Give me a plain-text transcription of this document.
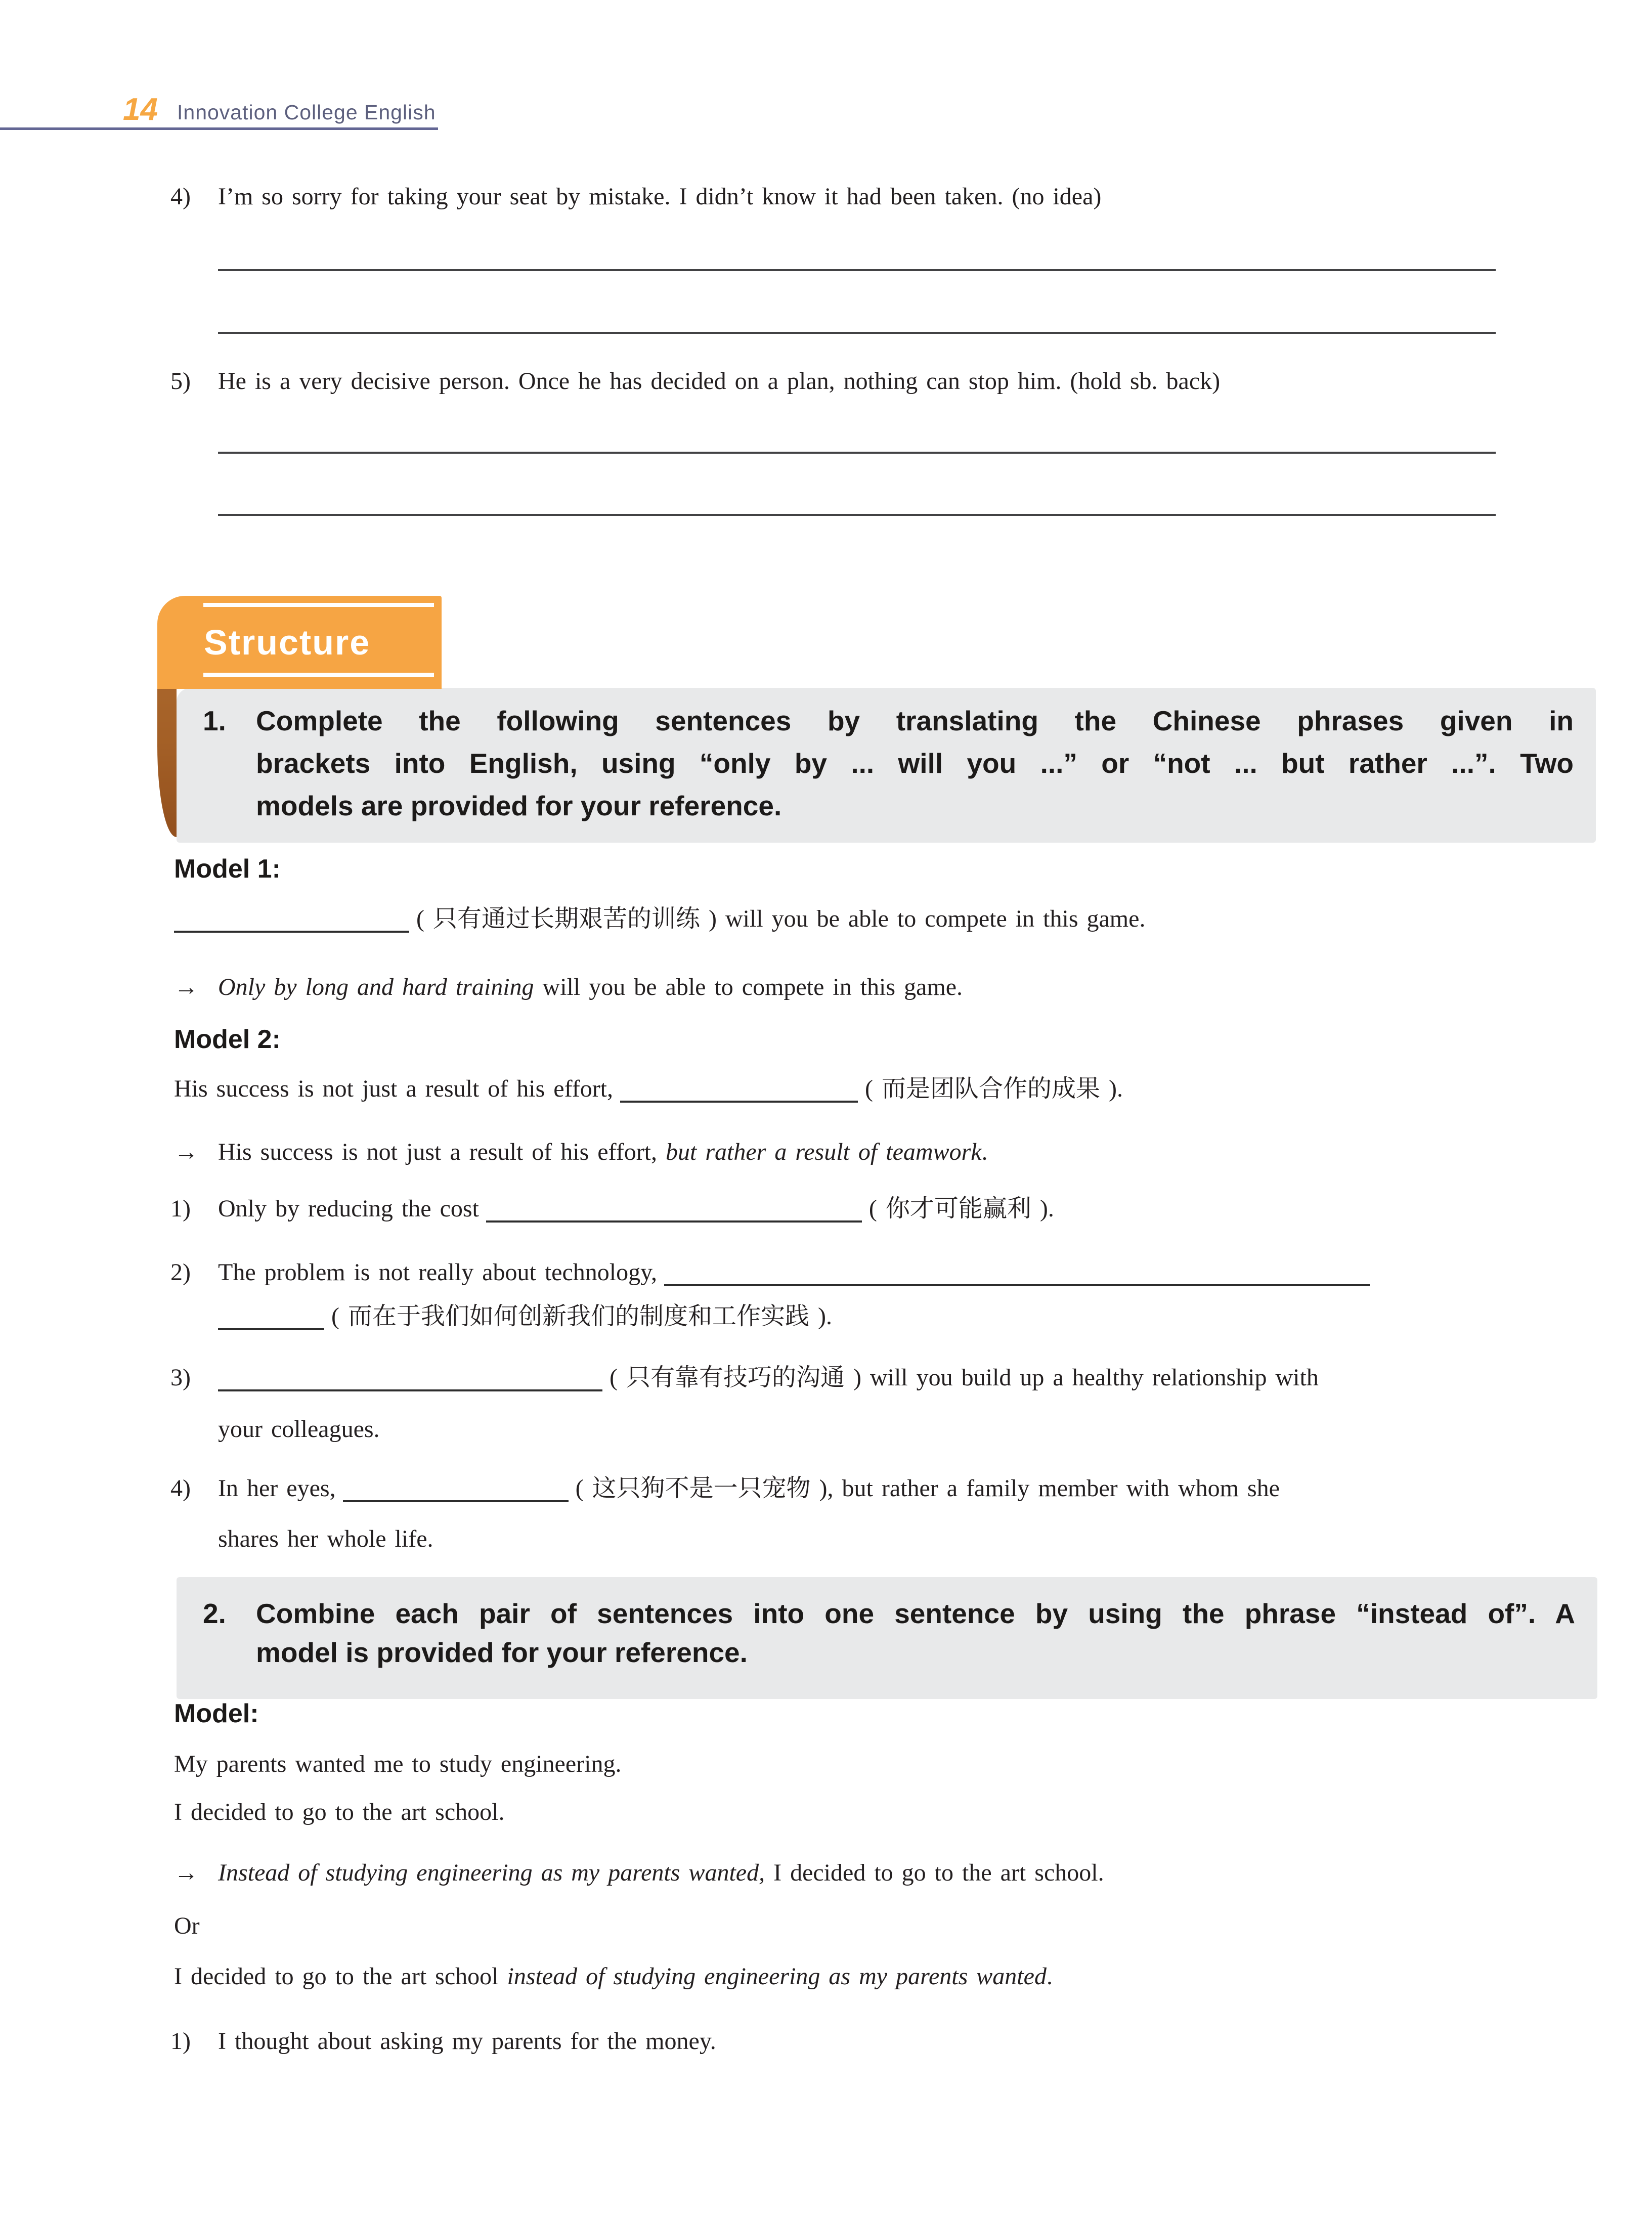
14 Innovation College English
4) I’m so sorry for taking your seat by mistake. I didn’t know it had been taken. (no idea)
5) He is a very decisive person. Once he has decided on a plan, nothing can stop him. (hold sb. back)
Structure
1. Complete the following sentences by translating the Chinese phrases given in
brackets into English, using “only by ... will you ...” or “not ... but rather ...”. Two
models are provided for your reference.
Model 1:
( 只有通过长期艰苦的训练 ) will you be able to compete in this game.
→ Only by long and hard training will you be able to compete in this game.
Model 2:
His success is not just a result of his effort,	( 而是团队合作的成果 ).
→ His success is not just a result of his effort, but rather a result of teamwork.
1) Only by reducing the cost	( 你才可能赢利 ).
2) The problem is not really about technology,
( 而在于我们如何创新我们的制度和工作实践 ).
3)	( 只有靠有技巧的沟通 ) will you build up a healthy relationship with
your colleagues.
4) In her eyes,	( 这只狗不是一只宠物 ), but rather a family member with whom she
shares her whole life.
2. Combine each pair of sentences into one sentence by using the phrase “instead of”. A
model is provided for your reference.
Model:
My parents wanted me to study engineering.
I decided to go to the art school.
→ Instead of studying engineering as my parents wanted, I decided to go to the art school.
Or
I decided to go to the art school instead of studying engineering as my parents wanted.
1) I thought about asking my parents for the money.
